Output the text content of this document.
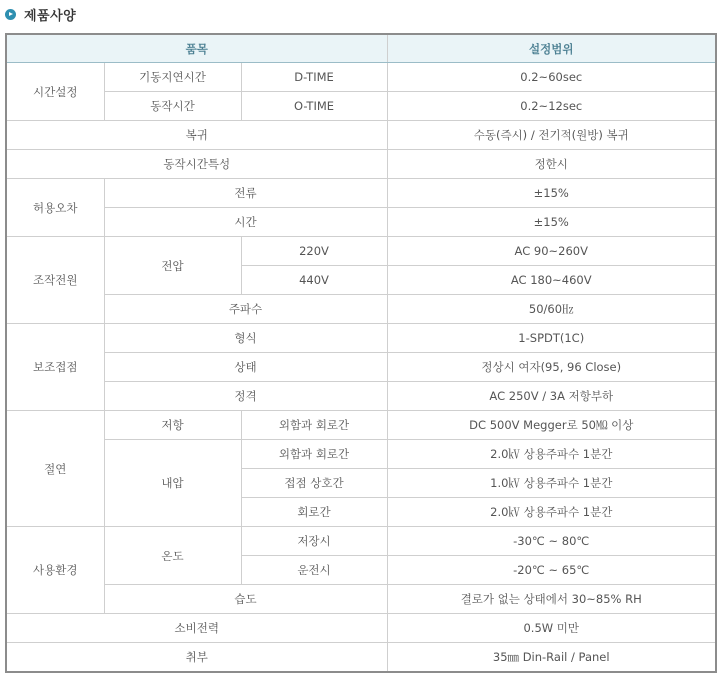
제품사양
품목			설정범위
시간설정	기동지연시간	D-TIME	0.2~60sec
	동작시간	O-TIME	0.2~12sec
복귀			수동(즉시) / 전기적(원방) 복귀
동작시간특성			정한시
허용오차	전류		±15%
	시간		±15%
조작전원	전압	220V	AC 90~260V
		440V	AC 180~460V
	주파수		50/60㎐
보조접점	형식		1-SPDT(1C)
	상태		정상시 여자(95, 96 Close)
	정격		AC 250V / 3A 저항부하
절연	저항	외함과 회로간	DC 500V Megger로 50㏁ 이상
	내압	외함과 회로간	2.0㎸ 상용주파수 1분간
		접점 상호간	1.0㎸ 상용주파수 1분간
		회로간	2.0㎸ 상용주파수 1분간
사용환경	온도	저장시	-30℃ ~ 80℃
		운전시	-20℃ ~ 65℃
	습도		결로가 없는 상태에서 30~85% RH
소비전력			0.5W 미만
취부			35㎜ Din-Rail / Panel
